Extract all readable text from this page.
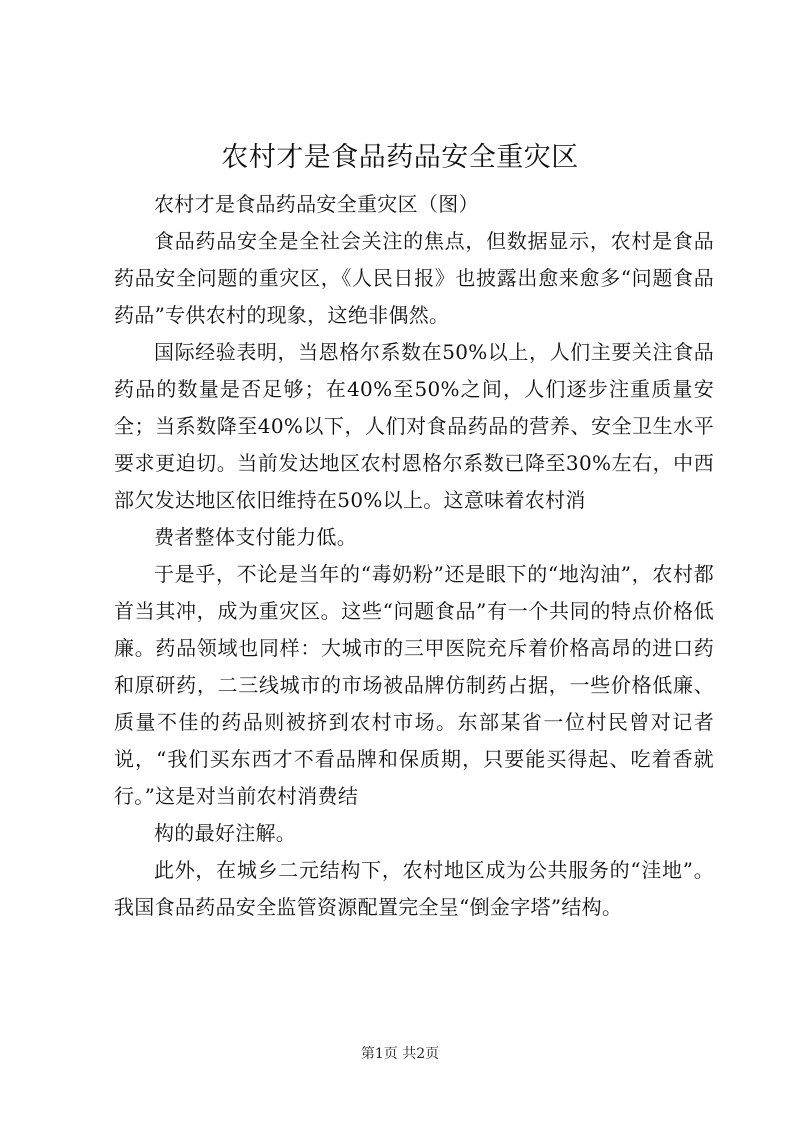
农村才是食品药品安全重灾区

农村才是食品药品安全重灾区（图）

食品药品安全是全社会关注的焦点，但数据显示，农村是食品药品安全问题的重灾区，《人民日报》也披露出愈来愈多“问题食品药品”专供农村的现象，这绝非偶然。

国际经验表明，当恩格尔系数在50%以上，人们主要关注食品药品的数量是否足够；在40%至50%之间，人们逐步注重质量安全；当系数降至40%以下，人们对食品药品的营养、安全卫生水平要求更迫切。当前发达地区农村恩格尔系数已降至30%左右，中西部欠发达地区依旧维持在50%以上。这意味着农村消

费者整体支付能力低。

于是乎，不论是当年的“毒奶粉”还是眼下的“地沟油”，农村都首当其冲，成为重灾区。这些“问题食品”有一个共同的特点价格低廉。药品领域也同样：大城市的三甲医院充斥着价格高昂的进口药和原研药，二三线城市的市场被品牌仿制药占据，一些价格低廉、质量不佳的药品则被挤到农村市场。东部某省一位村民曾对记者说，“我们买东西才不看品牌和保质期，只要能买得起、吃着香就行。”这是对当前农村消费结

构的最好注解。

此外，在城乡二元结构下，农村地区成为公共服务的“洼地”。我国食品药品安全监管资源配置完全呈“倒金字塔”结构。

第1页 共2页
